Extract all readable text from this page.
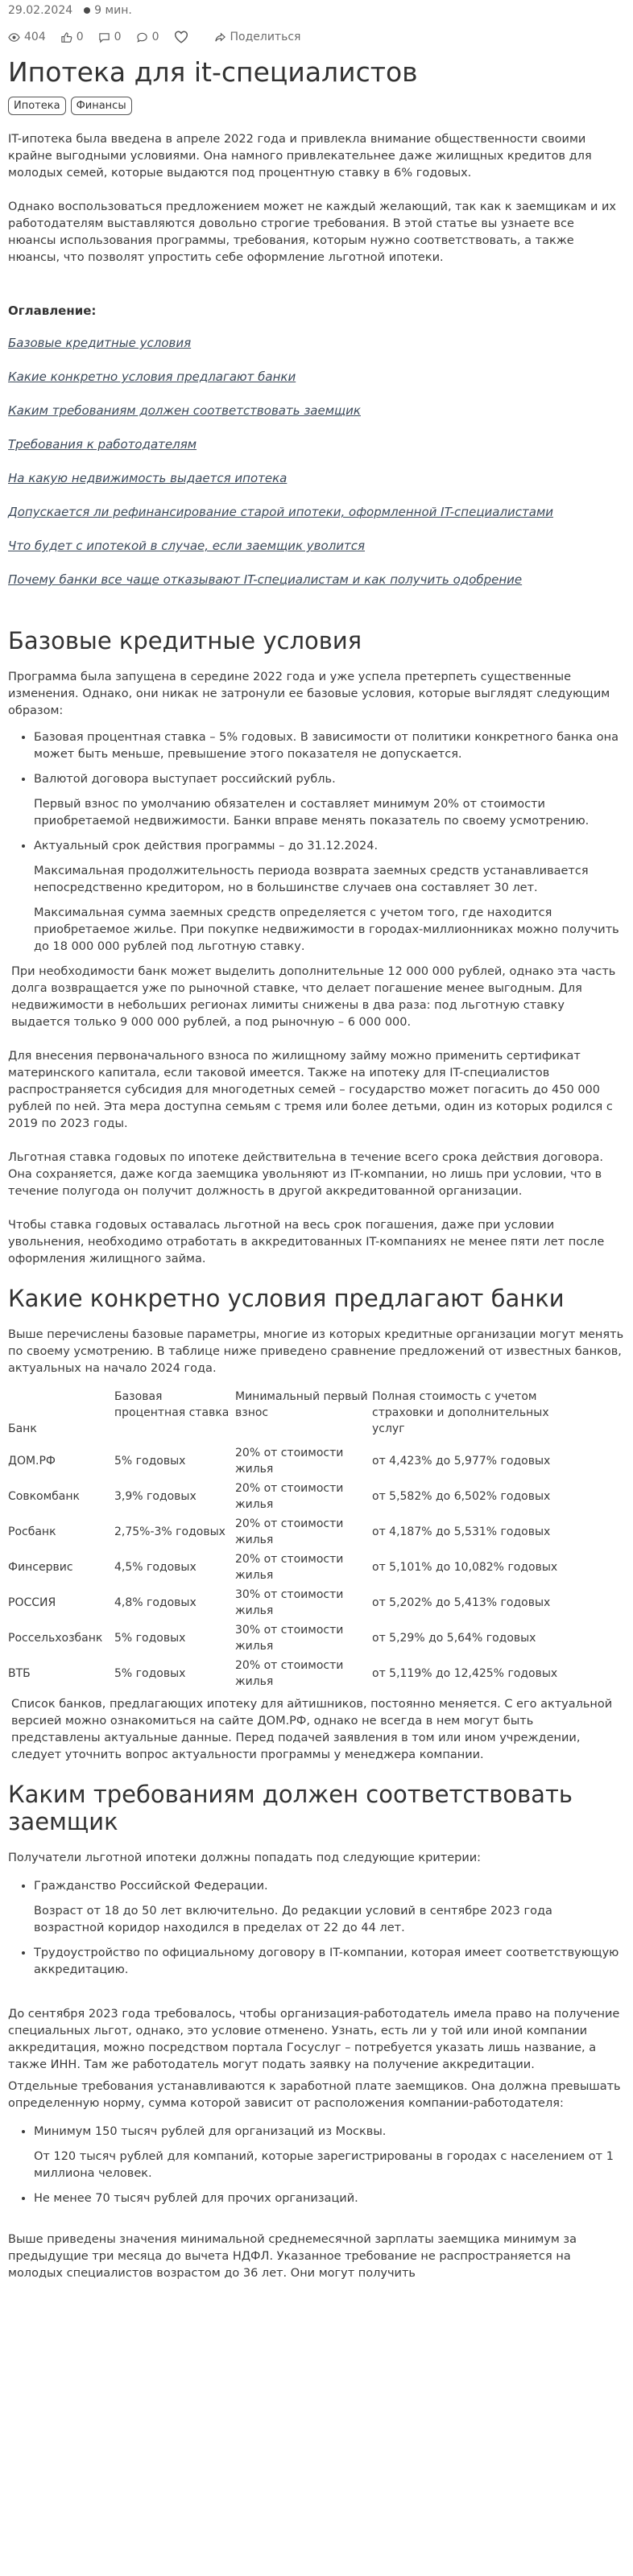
29.02.2024 9 мин.
404	0	0	0	Поделиться
Ипотека для it-специалистов
Ипотека	Финансы

IT-ипотека была введена в апреле 2022 года и привлекла внимание общественности своими крайне выгодными условиями. Она намного привлекательнее даже жилищных кредитов для молодых семей, которые выдаются под процентную ставку в 6% годовых.

Однако воспользоваться предложением может не каждый желающий, так как к заемщикам и их работодателям выставляются довольно строгие требования. В этой статье вы узнаете все нюансы использования программы, требования, которым нужно соответствовать, а также нюансы, что позволят упростить себе оформление льготной ипотеки.

Оглавление:
Базовые кредитные условия
Какие конкретно условия предлагают банки
Каким требованиям должен соответствовать заемщик
Требования к работодателям
На какую недвижимость выдается ипотека
Допускается ли рефинансирование старой ипотеки, оформленной IT-специалистами
Что будет с ипотекой в случае, если заемщик уволится
Почему банки все чаще отказывают IT-специалистам и как получить одобрение
Базовые кредитные условия

Программа была запущена в середине 2022 года и уже успела претерпеть существенные изменения. Однако, они никак не затронули ее базовые условия, которые выглядят следующим образом:

• Базовая процентная ставка – 5% годовых. В зависимости от политики конкретного банка она может быть меньше, превышение этого показателя не допускается.
• Валютой договора выступает российский рубль.
Первый взнос по умолчанию обязателен и составляет минимум 20% от стоимости приобретаемой недвижимости. Банки вправе менять показатель по своему усмотрению.
• Актуальный срок действия программы – до 31.12.2024.
Максимальная продолжительность периода возврата заемных средств устанавливается непосредственно кредитором, но в большинстве случаев она составляет 30 лет.
Максимальная сумма заемных средств определяется с учетом того, где находится приобретаемое жилье. При покупке недвижимости в городах-миллионниках можно получить до 18 000 000 рублей под льготную ставку.

При необходимости банк может выделить дополнительные 12 000 000 рублей, однако эта часть долга возвращается уже по рыночной ставке, что делает погашение менее выгодным. Для недвижимости в небольших регионах лимиты снижены в два раза: под льготную ставку выдается только 9 000 000 рублей, а под рыночную – 6 000 000.

Для внесения первоначального взноса по жилищному займу можно применить сертификат материнского капитала, если таковой имеется. Также на ипотеку для IT-специалистов распространяется субсидия для многодетных семей – государство может погасить до 450 000 рублей по ней. Эта мера доступна семьям с тремя или более детьми, один из которых родился с 2019 по 2023 годы.

Льготная ставка годовых по ипотеке действительна в течение всего срока действия договора. Она сохраняется, даже когда заемщика увольняют из IT-компании, но лишь при условии, что в течение полугода он получит должность в другой аккредитованной организации.

Чтобы ставка годовых оставалась льготной на весь срок погашения, даже при условии увольнения, необходимо отработать в аккредитованных IT-компаниях не менее пяти лет после оформления жилищного займа.

Какие конкретно условия предлагают банки

Выше перечислены базовые параметры, многие из которых кредитные организации могут менять по своему усмотрению. В таблице ниже приведено сравнение предложений от известных банков, актуальных на начало 2024 года.

Банк	Базовая процентная ставка	Минимальный первый взнос	Полная стоимость с учетом страховки и дополнительных услуг
ДОМ.РФ	5% годовых	20% от стоимости жилья	от 4,423% до 5,977% годовых
Совкомбанк	3,9% годовых	20% от стоимости жилья	от 5,582% до 6,502% годовых
Росбанк	2,75%-3% годовых	20% от стоимости жилья	от 4,187% до 5,531% годовых
Финсервис	4,5% годовых	20% от стоимости жилья	от 5,101% до 10,082% годовых
РОССИЯ	4,8% годовых	30% от стоимости жилья	от 5,202% до 5,413% годовых
Россельхозбанк	5% годовых	30% от стоимости жилья	от 5,29% до 5,64% годовых
ВТБ	5% годовых	20% от стоимости жилья	от 5,119% до 12,425% годовых

Список банков, предлагающих ипотеку для айтишников, постоянно меняется. С его актуальной версией можно ознакомиться на сайте ДОМ.РФ, однако не всегда в нем могут быть представлены актуальные данные. Перед подачей заявления в том или ином учреждении, следует уточнить вопрос актуальности программы у менеджера компании.

Каким требованиям должен соответствовать заемщик

Получатели льготной ипотеки должны попадать под следующие критерии:

• Гражданство Российской Федерации.
Возраст от 18 до 50 лет включительно. До редакции условий в сентябре 2023 года возрастной коридор находился в пределах от 22 до 44 лет.
• Трудоустройство по официальному договору в IT-компании, которая имеет соответствующую аккредитацию.

До сентября 2023 года требовалось, чтобы организация-работодатель имела право на получение специальных льгот, однако, это условие отменено. Узнать, есть ли у той или иной компании аккредитация, можно посредством портала Госуслуг – потребуется указать лишь название, а также ИНН. Там же работодатель могут подать заявку на получение аккредитации.

Отдельные требования устанавливаются к заработной плате заемщиков. Она должна превышать определенную норму, сумма которой зависит от расположения компании-работодателя:

• Минимум 150 тысяч рублей для организаций из Москвы.
От 120 тысяч рублей для компаний, которые зарегистрированы в городах с населением от 1 миллиона человек.
• Не менее 70 тысяч рублей для прочих организаций.

Выше приведены значения минимальной среднемесячной зарплаты заемщика минимум за предыдущие три месяца до вычета НДФЛ. Указанное требование не распространяется на молодых специалистов возрастом до 36 лет. Они могут получить
